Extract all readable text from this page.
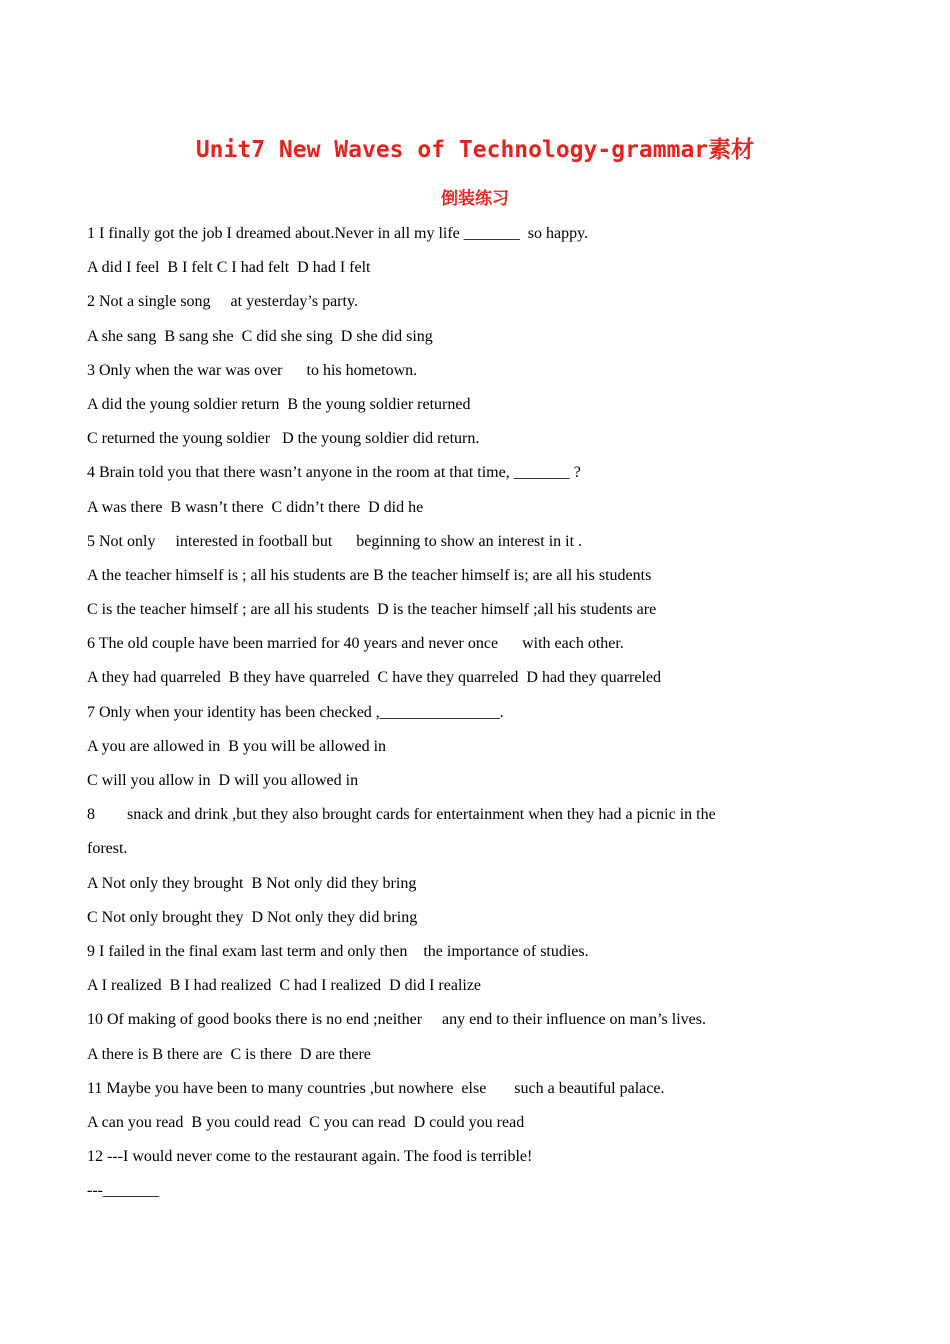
Unit7 New Waves of Technology-grammar素材
倒装练习
1 I finally got the job I dreamed about.Never in all my life _______  so happy.
A did I feel  B I felt C I had felt  D had I felt
2 Not a single song     at yesterday’s party.
A she sang  B sang she  C did she sing  D she did sing
3 Only when the war was over      to his hometown.
A did the young soldier return  B the young soldier returned
C returned the young soldier   D the young soldier did return.
4 Brain told you that there wasn’t anyone in the room at that time, _______ ?
A was there  B wasn’t there  C didn’t there  D did he
5 Not only     interested in football but      beginning to show an interest in it .
A the teacher himself is ; all his students are B the teacher himself is; are all his students
C is the teacher himself ; are all his students  D is the teacher himself ;all his students are
6 The old couple have been married for 40 years and never once      with each other.
A they had quarreled  B they have quarreled  C have they quarreled  D had they quarreled
7 Only when your identity has been checked ,_______________.
A you are allowed in  B you will be allowed in
C will you allow in  D will you allowed in
8        snack and drink ,but they also brought cards for entertainment when they had a picnic in the
forest.
A Not only they brought  B Not only did they bring
C Not only brought they  D Not only they did bring
9 I failed in the final exam last term and only then    the importance of studies.
A I realized  B I had realized  C had I realized  D did I realize
10 Of making of good books there is no end ;neither     any end to their influence on man’s lives.
A there is B there are  C is there  D are there
11 Maybe you have been to many countries ,but nowhere  else       such a beautiful palace.
A can you read  B you could read  C you can read  D could you read
12 ---I would never come to the restaurant again. The food is terrible!
---_______
